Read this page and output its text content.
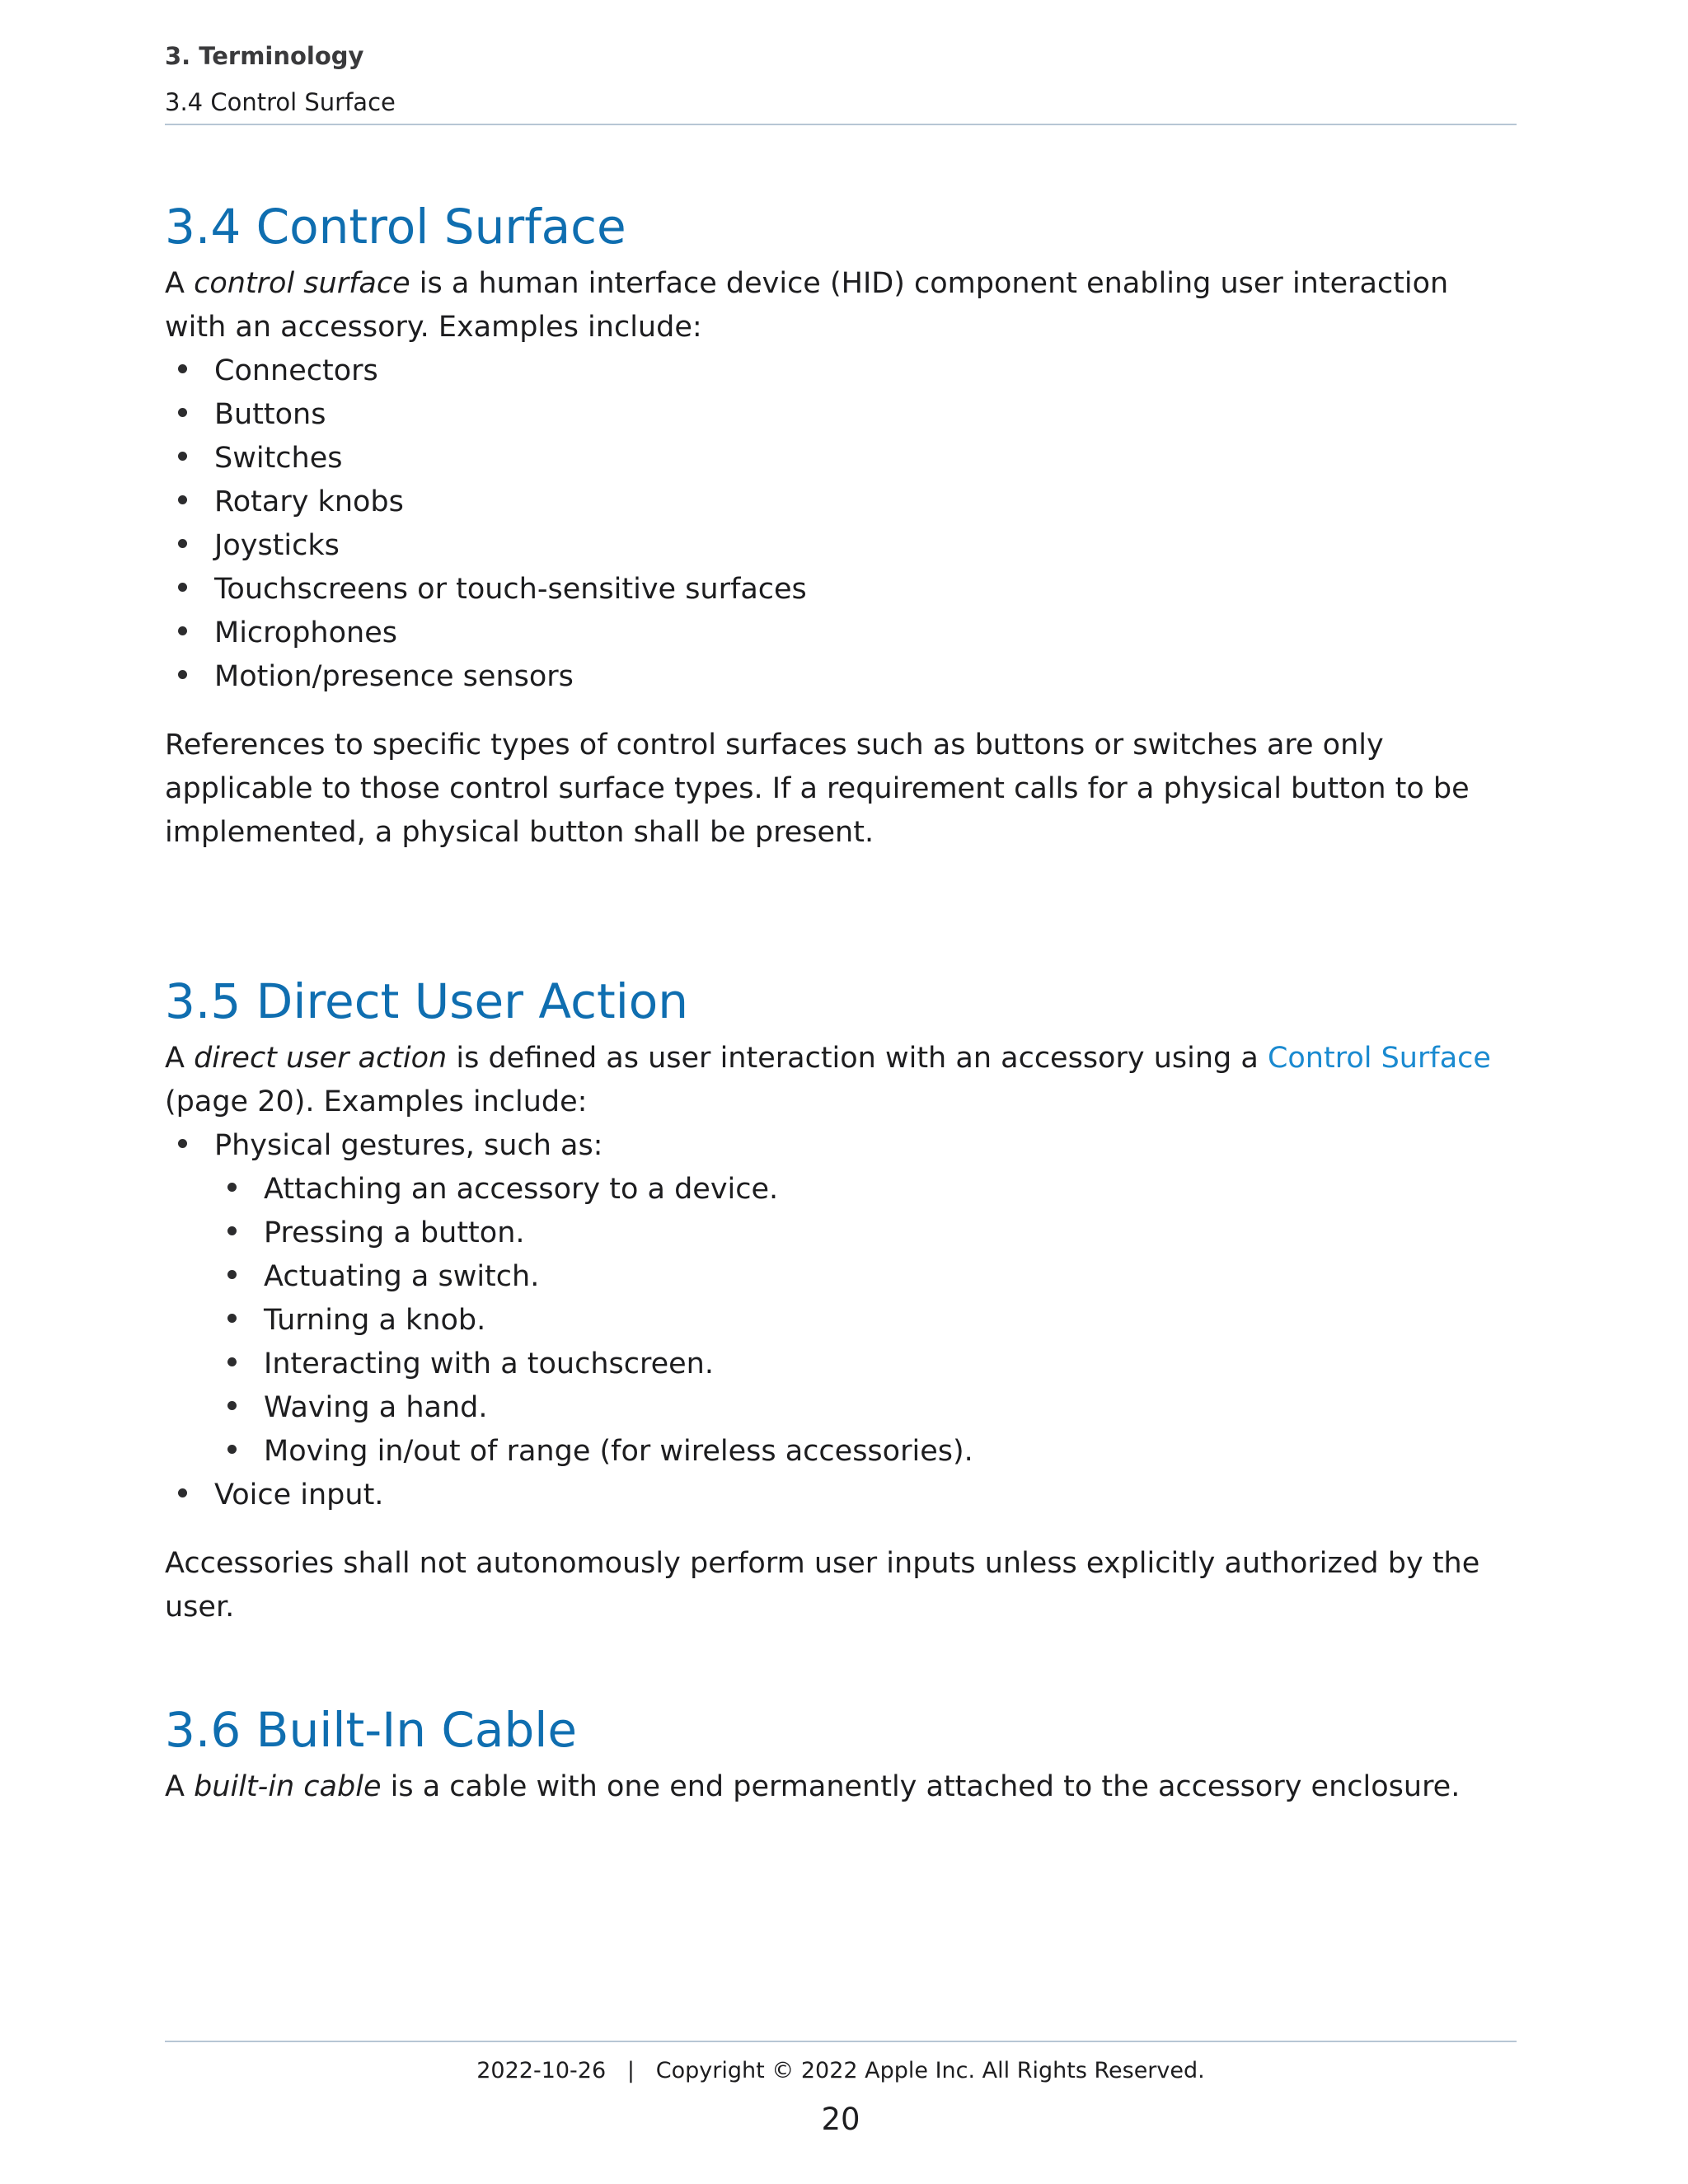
3. Terminology

3.4 Control Surface

3.4 Control Surface

A control surface is a human interface device (HID) component enabling user interaction with an accessory. Examples include:

Connectors
Buttons
Switches
Rotary knobs
Joysticks
Touchscreens or touch-sensitive surfaces
Microphones
Motion/presence sensors

References to specific types of control surfaces such as buttons or switches are only applicable to those control surface types. If a requirement calls for a physical button to be implemented, a physical button shall be present.

3.5 Direct User Action

A direct user action is defined as user interaction with an accessory using a Control Surface (page 20). Examples include:

Physical gestures, such as:
Attaching an accessory to a device.
Pressing a button.
Actuating a switch.
Turning a knob.
Interacting with a touchscreen.
Waving a hand.
Moving in/out of range (for wireless accessories).
Voice input.

Accessories shall not autonomously perform user inputs unless explicitly authorized by the user.

3.6 Built-In Cable

A built-in cable is a cable with one end permanently attached to the accessory enclosure.

2022-10-26   |   Copyright © 2022 Apple Inc. All Rights Reserved.
20
